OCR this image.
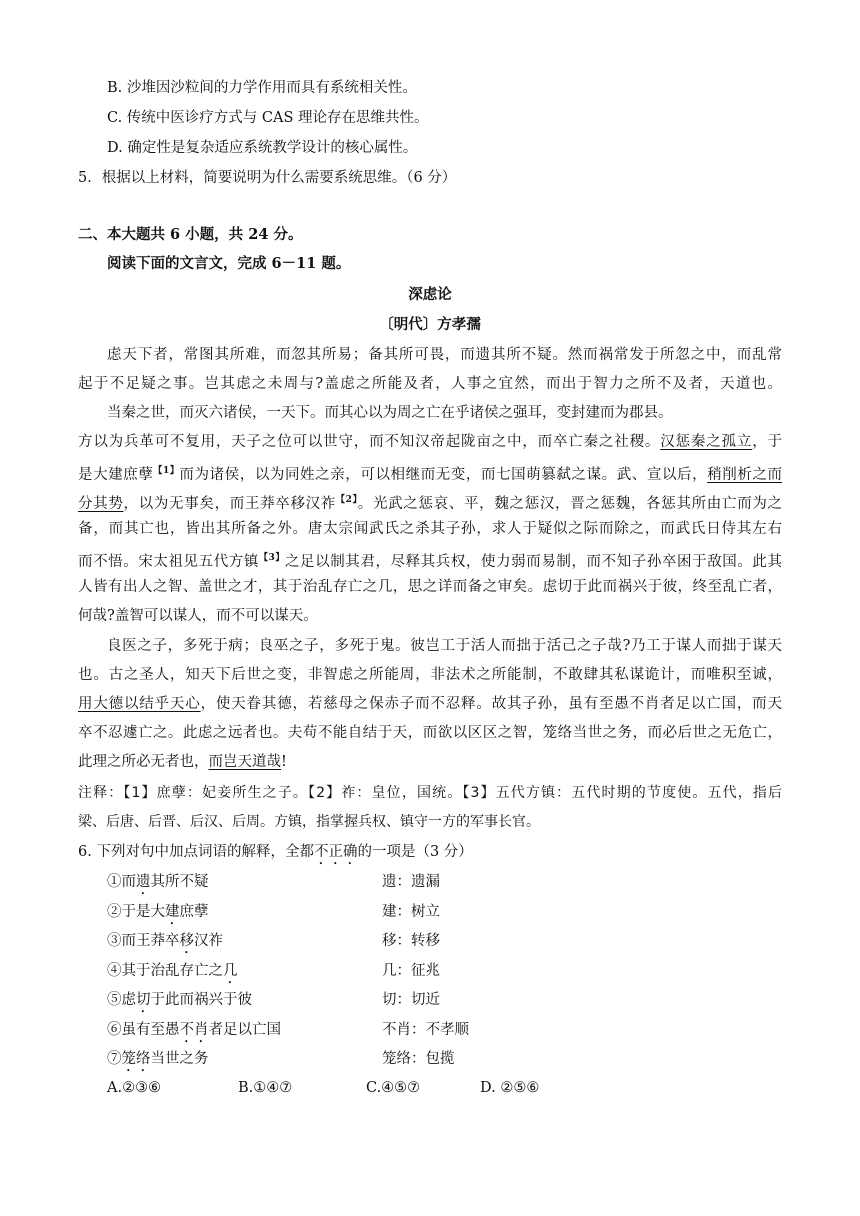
B. 沙堆因沙粒间的力学作用而具有系统相关性。
C. 传统中医诊疗方式与 CAS 理论存在思维共性。
D. 确定性是复杂适应系统教学设计的核心属性。
5．根据以上材料，简要说明为什么需要系统思维。（6 分）
二、本大题共 6 小题，共 24 分。
阅读下面的文言文，完成 6－11 题。
深虑论
〔明代〕方孝孺
虑天下者，常图其所难，而忽其所易；备其所可畏，而遗其所不疑。然而祸常发于所忽之中，而乱常
起于不足疑之事。岂其虑之未周与?盖虑之所能及者，人事之宜然，而出于智力之所不及者，天道也。
当秦之世，而灭六诸侯，一天下。而其心以为周之亡在乎诸侯之强耳，变封建而为郡县。
方以为兵革可不复用，天子之位可以世守，而不知汉帝起陇亩之中，而卒亡秦之社稷。汉惩秦之孤立，于
是大建庶孽$^{【1】}$而为诸侯，以为同姓之亲，可以相继而无变，而七国萌篡弑之谋。武、宣以后，稍削析之而
分其势，以为无事矣，而王莽卒移汉祚$^{【2】}$。光武之惩哀、平，魏之惩汉，晋之惩魏，各惩其所由亡而为之
备，而其亡也，皆出其所备之外。唐太宗闻武氏之杀其子孙，求人于疑似之际而除之，而武氏日侍其左右
而不悟。宋太祖见五代方镇$^{【3】}$之足以制其君，尽释其兵权，使力弱而易制，而不知子孙卒困于敌国。此其
人皆有出人之智、盖世之才，其于治乱存亡之几，思之详而备之审矣。虑切于此而祸兴于彼，终至乱亡者，
何哉?盖智可以谋人，而不可以谋天。
良医之子，多死于病；良巫之子，多死于鬼。彼岂工于活人而拙于活己之子哉?乃工于谋人而拙于谋天
也。古之圣人，知天下后世之变，非智虑之所能周，非法术之所能制，不敢肆其私谋诡计，而唯积至诚，
用大德以结乎天心，使天眷其德，若慈母之保赤子而不忍释。故其子孙，虽有至愚不肖者足以亡国，而天
卒不忍遽亡之。此虑之远者也。夫苟不能自结于天，而欲以区区之智，笼络当世之务，而必后世之无危亡，
此理之所必无者也，而岂天道哉!
注释：【1】庶孽：妃妾所生之子。【2】祚：皇位，国统。【3】五代方镇：五代时期的节度使。五代，指后
梁、后唐、后晋、后汉、后周。方镇，指掌握兵权、镇守一方的军事长官。
6. 下列对句中加点词语的解释，全都不正确的一项是（3 分）
①而遗其所不疑	遗：遗漏
②于是大建庶孽	建：树立
③而王莽卒移汉祚	移：转移
④其于治乱存亡之几	几：征兆
⑤虑切于此而祸兴于彼	切：切近
⑥虽有至愚不肖者足以亡国	不肖：不孝顺
⑦笼络当世之务	笼络：包揽
A.②③⑥	B.①④⑦	C.④⑤⑦	D. ②⑤⑥
